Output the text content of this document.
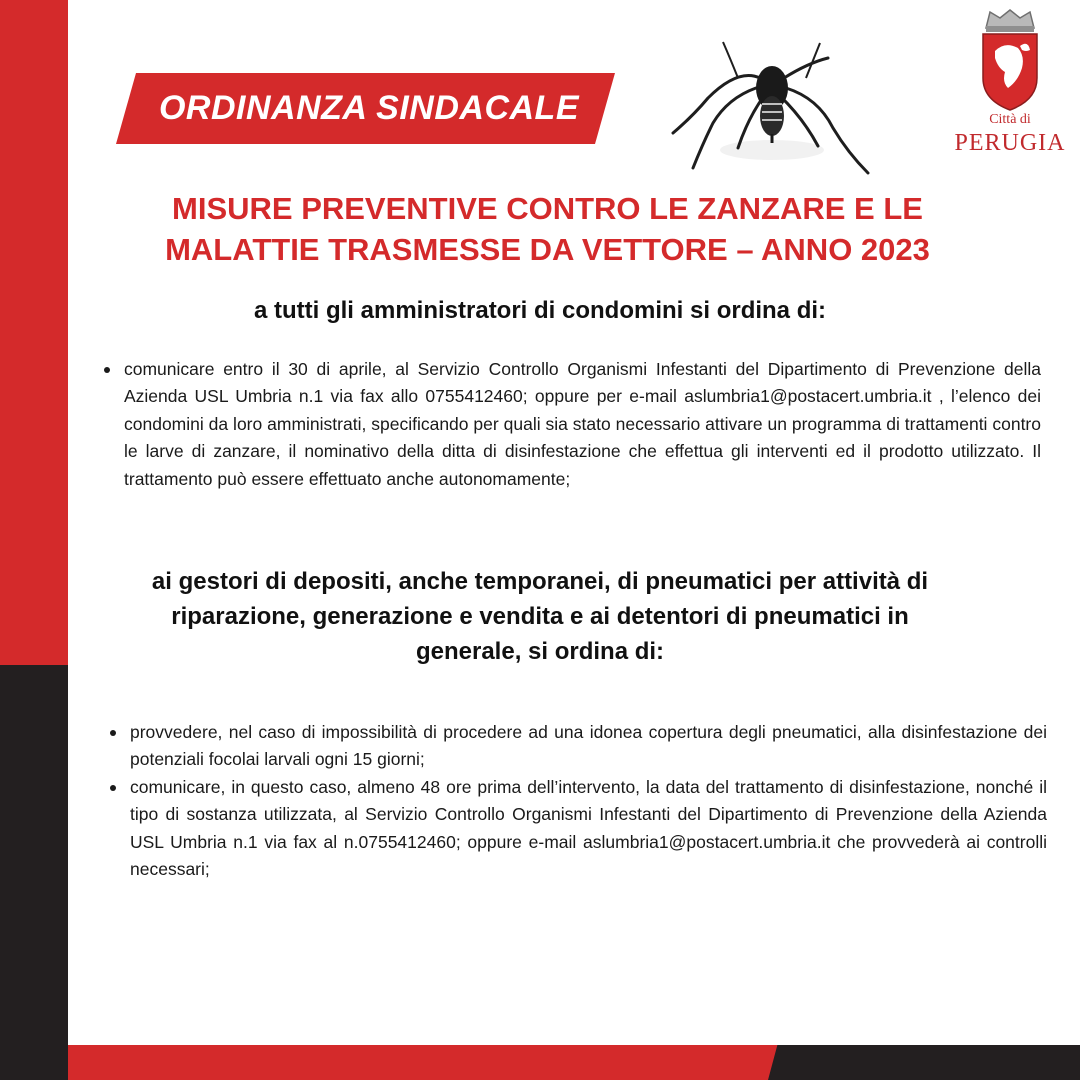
ORDINANZA SINDACALE	Città di
PERUGIA
MISURE PREVENTIVE CONTRO LE ZANZARE E LE
MALATTIE TRASMESSE DA VETTORE – ANNO 2023
a tutti gli amministratori di condomini si ordina di:
comunicare entro il 30 di aprile, al Servizio Controllo Organismi Infestanti del Dipartimento di Prevenzione della Azienda USL Umbria n.1 via fax allo 0755412460; oppure per e-mail aslumbria1@postacert.umbria.it , l’elenco dei condomini da loro amministrati, specificando per quali sia stato necessario attivare un programma di trattamenti contro le larve di zanzare, il nominativo della ditta di disinfestazione che effettua gli interventi ed il prodotto utilizzato. Il trattamento può essere effettuato anche autonomamente;
ai gestori di depositi, anche temporanei, di pneumatici per attività di
riparazione, generazione e vendita e ai detentori di pneumatici in
generale, si ordina di:
provvedere, nel caso di impossibilità di procedere ad una idonea copertura degli pneumatici, alla disinfestazione dei potenziali focolai larvali ogni 15 giorni;
comunicare, in questo caso, almeno 48 ore prima dell’intervento, la data del trattamento di disinfestazione, nonché il tipo di sostanza utilizzata, al Servizio Controllo Organismi Infestanti del Dipartimento di Prevenzione della Azienda USL Umbria n.1 via fax al n.0755412460; oppure e-mail aslumbria1@postacert.umbria.it che provvederà ai controlli necessari;
